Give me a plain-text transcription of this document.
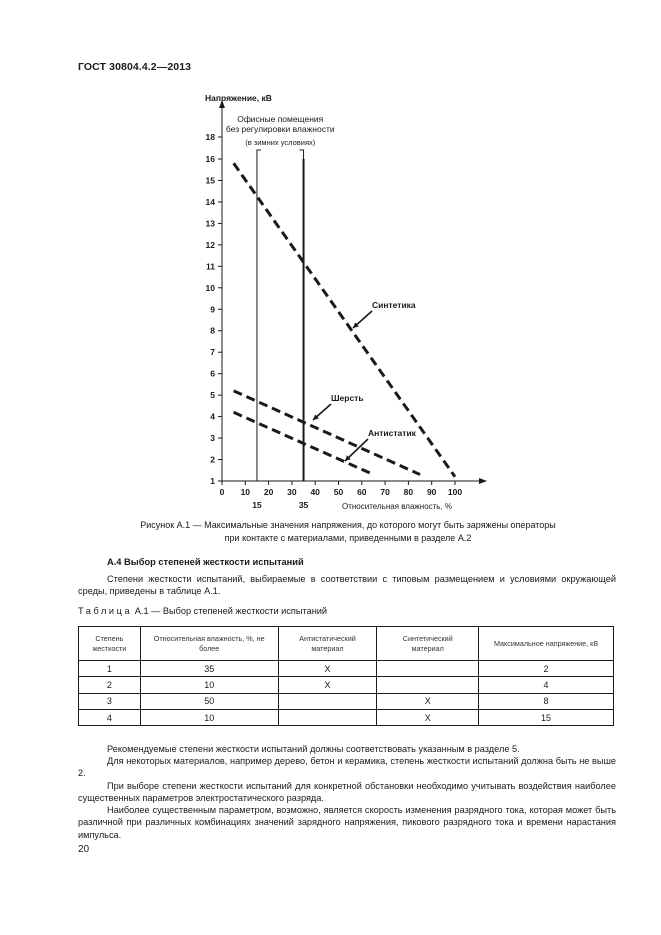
ГОСТ 30804.4.2—2013
1
2
3
4
5
6
7
8
9
10
11
12
13
14
15
16
18
0 10 20 30 40 50 60 70 80 90 100
15	35
Напряжение, кВ
Относительная влажность, %
Офисные помещения
без регулировки влажности
(в зимних условиях)
Синтетика
Шерсть
Антистатик
Рисунок А.1 — Максимальные значения напряжения, до которого могут быть заряжены операторы
при контакте с материалами, приведенными в разделе А.2
А.4 Выбор степеней жесткости испытаний
Степени жесткости испытаний, выбираемые в соответствии с типовым размещением и условиями окружающей среды, приведены в таблице А.1.
Таблица А.1 — Выбор степеней жесткости испытаний
Степень жесткости	Относительная влажность, %, не более	Антистатический материал	Синтетический материал	Максимальное напряжение, кВ

1	35	X		2
2	10	X		4
3	50		X	8
4	10		X	15
Рекомендуемые степени жесткости испытаний должны соответствовать указанным в разделе 5.
Для некоторых материалов, например дерево, бетон и керамика, степень жесткости испытаний должна быть не выше 2.
При выборе степени жесткости испытаний для конкретной обстановки необходимо учитывать воздействия наиболее существенных параметров электростатического разряда.
Наиболее существенным параметром, возможно, является скорость изменения разрядного тока, которая может быть различной при различных комбинациях значений зарядного напряжения, пикового разрядного тока и времени нарастания импульса.
20
